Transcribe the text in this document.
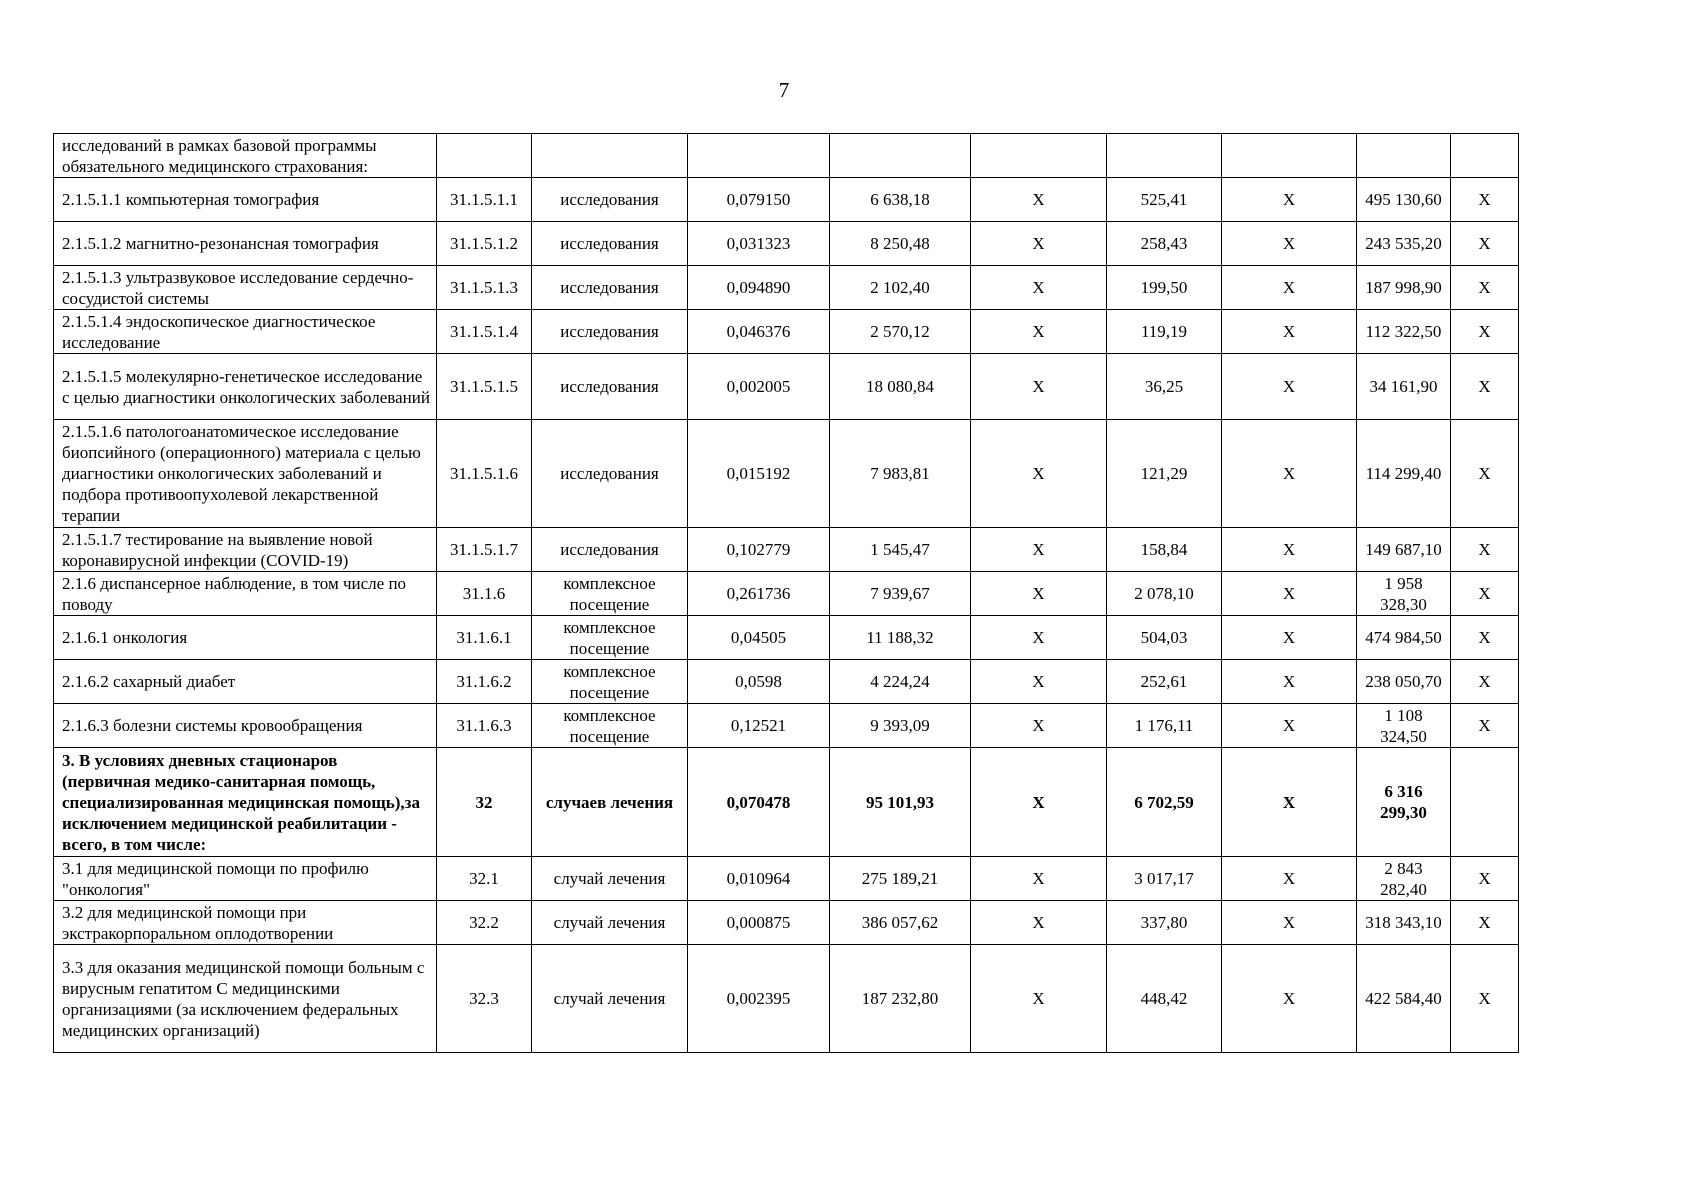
7
исследований в рамках базовой программы обязательного медицинского страхования:									
2.1.5.1.1 компьютерная томография	31.1.5.1.1	исследования	0,079150	6 638,18	X	525,41	X	495 130,60	X
2.1.5.1.2 магнитно-резонансная томография	31.1.5.1.2	исследования	0,031323	8 250,48	X	258,43	X	243 535,20	X
2.1.5.1.3 ультразвуковое исследование сердечно-сосудистой системы	31.1.5.1.3	исследования	0,094890	2 102,40	X	199,50	X	187 998,90	X
2.1.5.1.4 эндоскопическое диагностическое исследование	31.1.5.1.4	исследования	0,046376	2 570,12	X	119,19	X	112 322,50	X
2.1.5.1.5 молекулярно-генетическое исследование с целью диагностики онкологических заболеваний	31.1.5.1.5	исследования	0,002005	18 080,84	X	36,25	X	34 161,90	X
2.1.5.1.6 патологоанатомическое исследование биопсийного (операционного) материала с целью диагностики онкологических заболеваний и подбора противоопухолевой лекарственной терапии	31.1.5.1.6	исследования	0,015192	7 983,81	X	121,29	X	114 299,40	X
2.1.5.1.7 тестирование на выявление новой коронавирусной инфекции (COVID-19)	31.1.5.1.7	исследования	0,102779	1 545,47	X	158,84	X	149 687,10	X
2.1.6 диспансерное наблюдение, в том числе по поводу	31.1.6	комплексное посещение	0,261736	7 939,67	X	2 078,10	X	1 958 328,30	X
2.1.6.1 онкология	31.1.6.1	комплексное посещение	0,04505	11 188,32	X	504,03	X	474 984,50	X
2.1.6.2 сахарный диабет	31.1.6.2	комплексное посещение	0,0598	4 224,24	X	252,61	X	238 050,70	X
2.1.6.3 болезни системы кровообращения	31.1.6.3	комплексное посещение	0,12521	9 393,09	X	1 176,11	X	1 108 324,50	X
3. В условиях дневных стационаров (первичная медико-санитарная помощь, специализированная медицинская помощь),за исключением медицинской реабилитации - всего, в том числе:	32	случаев лечения	0,070478	95 101,93	X	6 702,59	X	6 316 299,30	
3.1 для медицинской помощи по профилю "онкология"	32.1	случай лечения	0,010964	275 189,21	X	3 017,17	X	2 843 282,40	X
3.2 для медицинской помощи при экстракорпоральном оплодотворении	32.2	случай лечения	0,000875	386 057,62	X	337,80	X	318 343,10	X
3.3 для оказания медицинской помощи больным с вирусным гепатитом С медицинскими организациями (за исключением федеральных медицинских организаций)	32.3	случай лечения	0,002395	187 232,80	X	448,42	X	422 584,40	X
